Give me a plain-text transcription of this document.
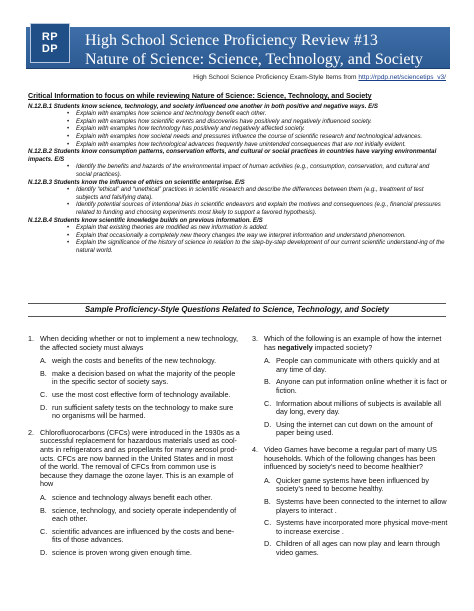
RP
DP	High School Science Proficiency Review #13
Nature of Science: Science, Technology, and Society
High School Science Proficiency Exam-Style Items from http://rpdp.net/sciencetips_v3/
Critical Information to focus on while reviewing Nature of Science: Science, Technology, and Society
N.12.B.1 Students know science, technology, and society influenced one another in both positive and negative ways. E/S
• Explain with examples how science and technology benefit each other.
• Explain with examples how scientific events and discoveries have positively and negatively influenced society.
• Explain with examples how technology has positively and negatively affected society.
• Explain with examples how societal needs and pressures influence the course of scientific research and technological advances.
• Explain with examples how technological advances frequently have unintended consequences that are not initially evident.
N.12.B.2 Students know consumption patterns, conservation efforts, and cultural or social practices in countries have varying environmental impacts. E/S
• Identify the benefits and hazards of the environmental impact of human activities (e.g., consumption, conservation, and cultural and social practices).
N.12.B.3 Students know the influence of ethics on scientific enterprise. E/S
• Identify “ethical” and “unethical” practices in scientific research and describe the differences between them (e.g., treatment of test subjects and falsifying data).
• Identify potential sources of intentional bias in scientific endeavors and explain the motives and consequences (e.g., financial pressures related to funding and choosing experiments most likely to support a favored hypothesis).
N.12.B.4 Students know scientific knowledge builds on previous information. E/S
• Explain that existing theories are modified as new information is added.
• Explain that occasionally a completely new theory changes the way we interpret information and understand phenomenon.
• Explain the significance of the history of science in relation to the step-by-step development of our current scientific understand-ing of the natural world.
Sample Proficiency-Style Questions Related to Science, Technology, and Society
1. When deciding whether or not to implement a new technology, the affected society must always
A. weigh the costs and benefits of the new technology.
B. make a decision based on what the majority of the people in the specific sector of society says.
C. use the most cost effective form of technology available.
D. run sufficient safety tests on the technology to make sure no organisms will be harmed.
2. Chlorofluorocarbons (CFCs) were introduced in the 1930s as a successful replacement for hazardous materials used as cool-ants in refrigerators and as propellants for many aerosol prod-ucts. CFCs are now banned in the United States and in most of the world. The removal of CFCs from common use is because they damage the ozone layer. This is an example of how
A. science and technology always benefit each other.
B. science, technology, and society operate independently of each other.
C. scientific advances are influenced by the costs and bene-fits of those advances.
D. science is proven wrong given enough time.
3. Which of the following is an example of how the internet has negatively impacted society?
A. People can communicate with others quickly and at any time of day.
B. Anyone can put information online whether it is fact or fiction.
C. Information about millions of subjects is available all day long, every day.
D. Using the internet can cut down on the amount of paper being used.
4. Video Games have become a regular part of many US households. Which of the following changes has been influenced by society’s need to become healthier?
A. Quicker game systems have been influenced by society’s need to become healthy.
B. Systems have been connected to the internet to allow players to interact .
C. Systems have incorporated more physical move-ment to increase exercise .
D. Children of all ages can now play and learn through video games.
